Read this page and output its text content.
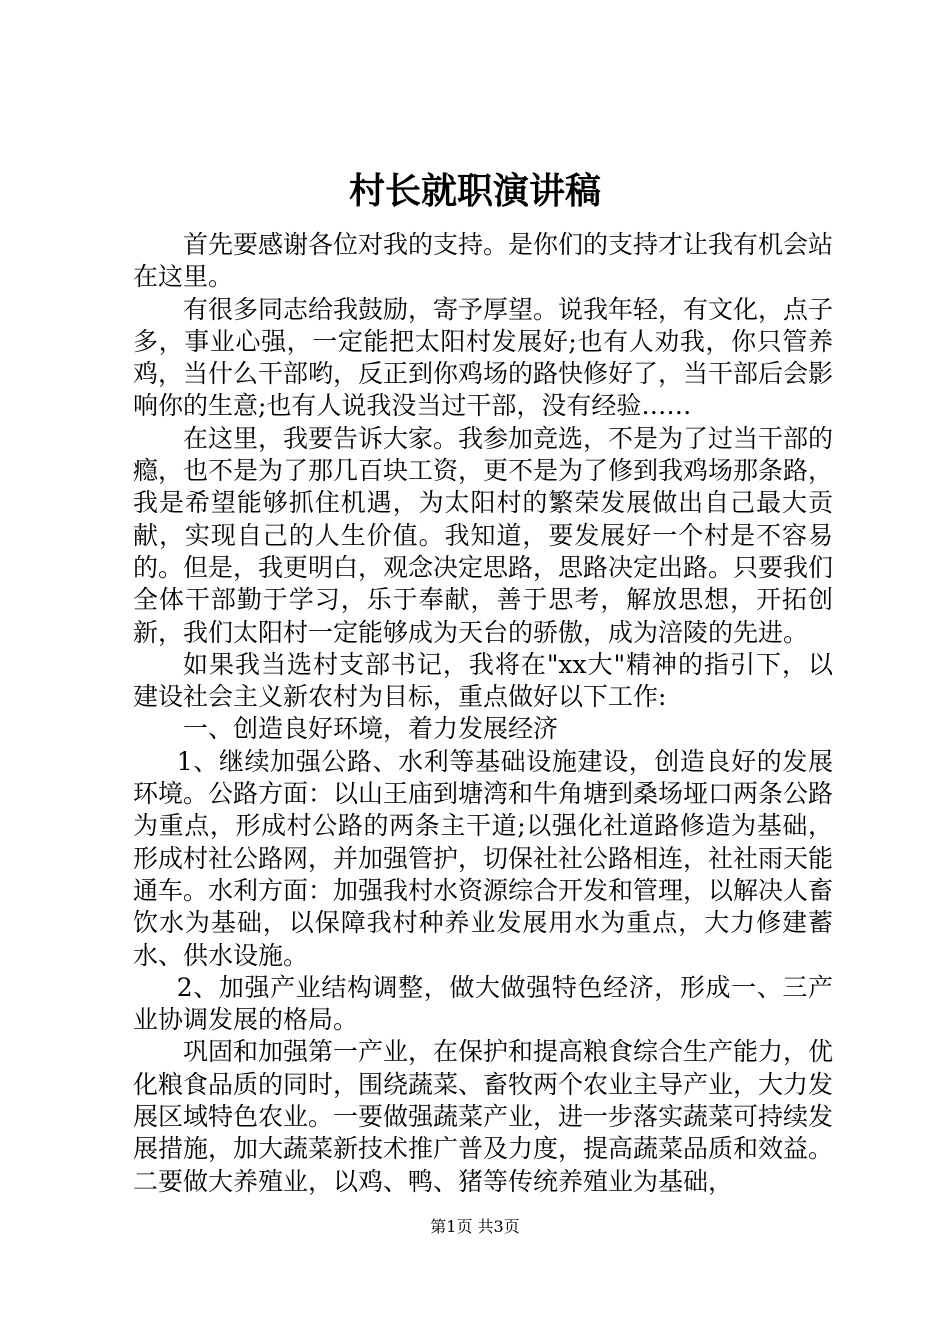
村长就职演讲稿

首先要感谢各位对我的支持。是你们的支持才让我有机会站在这里。

有很多同志给我鼓励，寄予厚望。说我年轻，有文化，点子多，事业心强，一定能把太阳村发展好;也有人劝我，你只管养鸡，当什么干部哟，反正到你鸡场的路快修好了，当干部后会影响你的生意;也有人说我没当过干部，没有经验……

在这里，我要告诉大家。我参加竞选，不是为了过当干部的瘾，也不是为了那几百块工资，更不是为了修到我鸡场那条路，我是希望能够抓住机遇，为太阳村的繁荣发展做出自己最大贡献，实现自己的人生价值。我知道，要发展好一个村是不容易的。但是，我更明白，观念决定思路，思路决定出路。只要我们全体干部勤于学习，乐于奉献，善于思考，解放思想，开拓创新，我们太阳村一定能够成为天台的骄傲，成为涪陵的先进。

如果我当选村支部书记，我将在"xx大"精神的指引下，以建设社会主义新农村为目标，重点做好以下工作:

一、创造良好环境，着力发展经济

1、继续加强公路、水利等基础设施建设，创造良好的发展环境。公路方面：以山王庙到塘湾和牛角塘到桑场垭口两条公路为重点，形成村公路的两条主干道;以强化社道路修造为基础，形成村社公路网，并加强管护，切保社社公路相连，社社雨天能通车。水利方面：加强我村水资源综合开发和管理，以解决人畜饮水为基础，以保障我村种养业发展用水为重点，大力修建蓄水、供水设施。

2、加强产业结构调整，做大做强特色经济，形成一、三产业协调发展的格局。

巩固和加强第一产业，在保护和提高粮食综合生产能力，优化粮食品质的同时，围绕蔬菜、畜牧两个农业主导产业，大力发展区域特色农业。一要做强蔬菜产业，进一步落实蔬菜可持续发展措施，加大蔬菜新技术推广普及力度，提高蔬菜品质和效益。二要做大养殖业，以鸡、鸭、猪等传统养殖业为基础，

第1页 共3页
